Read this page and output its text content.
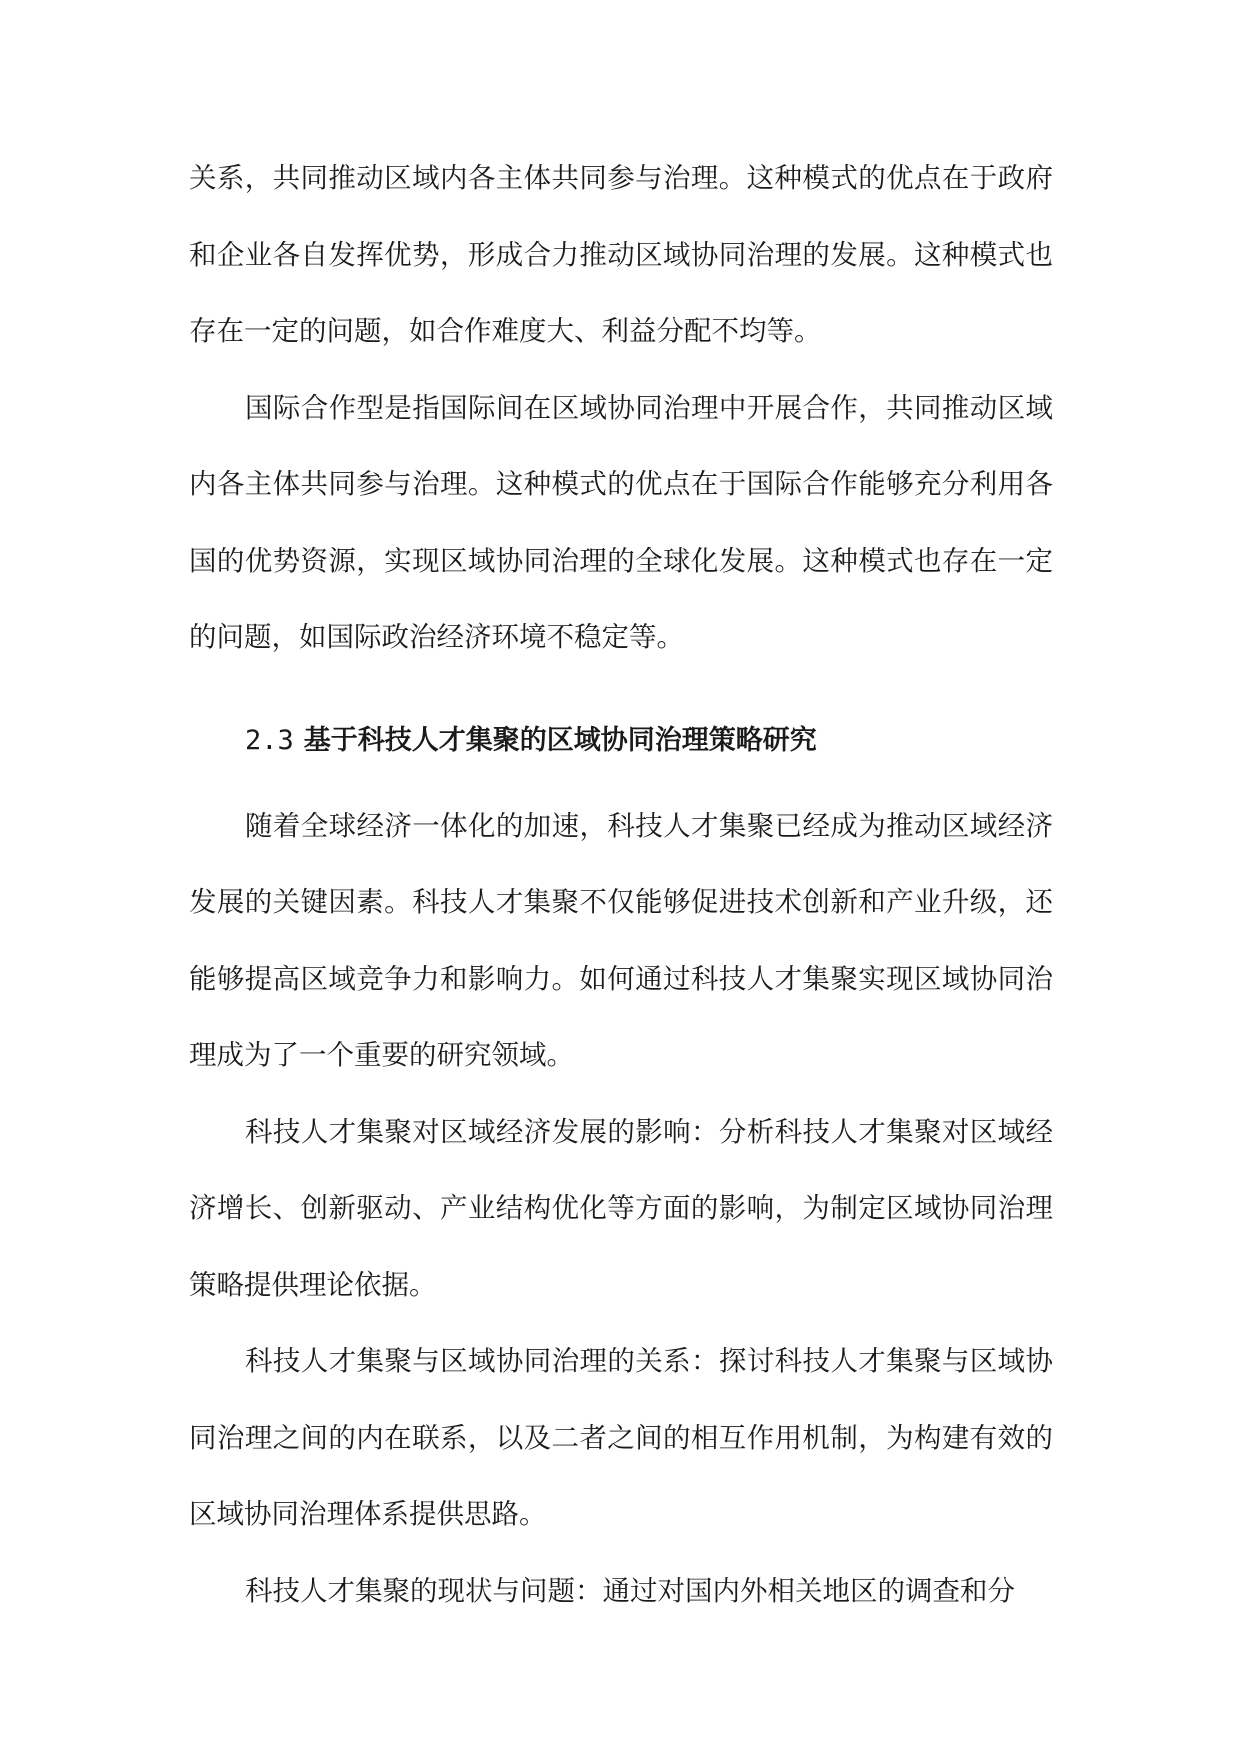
关系，共同推动区域内各主体共同参与治理。这种模式的优点在于政府和企业各自发挥优势，形成合力推动区域协同治理的发展。这种模式也存在一定的问题，如合作难度大、利益分配不均等。

国际合作型是指国际间在区域协同治理中开展合作，共同推动区域内各主体共同参与治理。这种模式的优点在于国际合作能够充分利用各国的优势资源，实现区域协同治理的全球化发展。这种模式也存在一定的问题，如国际政治经济环境不稳定等。

2.3 基于科技人才集聚的区域协同治理策略研究

随着全球经济一体化的加速，科技人才集聚已经成为推动区域经济发展的关键因素。科技人才集聚不仅能够促进技术创新和产业升级，还能够提高区域竞争力和影响力。如何通过科技人才集聚实现区域协同治理成为了一个重要的研究领域。

科技人才集聚对区域经济发展的影响：分析科技人才集聚对区域经济增长、创新驱动、产业结构优化等方面的影响，为制定区域协同治理策略提供理论依据。

科技人才集聚与区域协同治理的关系：探讨科技人才集聚与区域协同治理之间的内在联系，以及二者之间的相互作用机制，为构建有效的区域协同治理体系提供思路。

科技人才集聚的现状与问题：通过对国内外相关地区的调查和分
